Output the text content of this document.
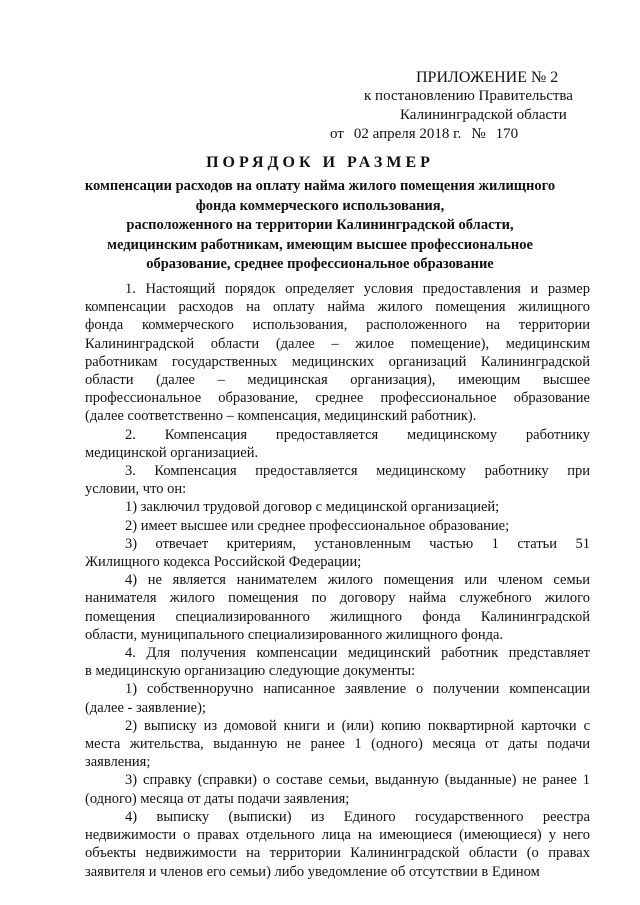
ПРИЛОЖЕНИЕ № 2
к постановлению Правительства
Калининградской области
от 02 апреля 2018 г. № 170
ПОРЯДОК И РАЗМЕР
компенсации расходов на оплату найма жилого помещения жилищного
фонда коммерческого использования,
расположенного на территории Калининградской области,
медицинским работникам, имеющим высшее профессиональное
образование, среднее профессиональное образование
1. Настоящий порядок определяет условия предоставления и размер
компенсации расходов на оплату найма жилого помещения жилищного
фонда коммерческого использования, расположенного на территории
Калининградской области (далее – жилое помещение), медицинским
работникам государственных медицинских организаций Калининградской
области (далее – медицинская организация), имеющим высшее
профессиональное образование, среднее профессиональное образование
(далее соответственно – компенсация, медицинский работник).
2. Компенсация предоставляется медицинскому работнику
медицинской организацией.
3. Компенсация предоставляется медицинскому работнику при
условии, что он:
1) заключил трудовой договор с медицинской организацией;
2) имеет высшее или среднее профессиональное образование;
3) отвечает критериям, установленным частью 1 статьи 51
Жилищного кодекса Российской Федерации;
4) не является нанимателем жилого помещения или членом семьи
нанимателя жилого помещения по договору найма служебного жилого
помещения специализированного жилищного фонда Калининградской
области, муниципального специализированного жилищного фонда.
4. Для получения компенсации медицинский работник представляет
в медицинскую организацию следующие документы:
1) собственноручно написанное заявление о получении компенсации
(далее - заявление);
2) выписку из домовой книги и (или) копию поквартирной карточки с
места жительства, выданную не ранее 1 (одного) месяца от даты подачи
заявления;
3) справку (справки) о составе семьи, выданную (выданные) не ранее 1
(одного) месяца от даты подачи заявления;
4) выписку (выписки) из Единого государственного реестра
недвижимости о правах отдельного лица на имеющиеся (имеющиеся) у него
объекты недвижимости на территории Калининградской области (о правах
заявителя и членов его семьи) либо уведомление об отсутствии в Едином
